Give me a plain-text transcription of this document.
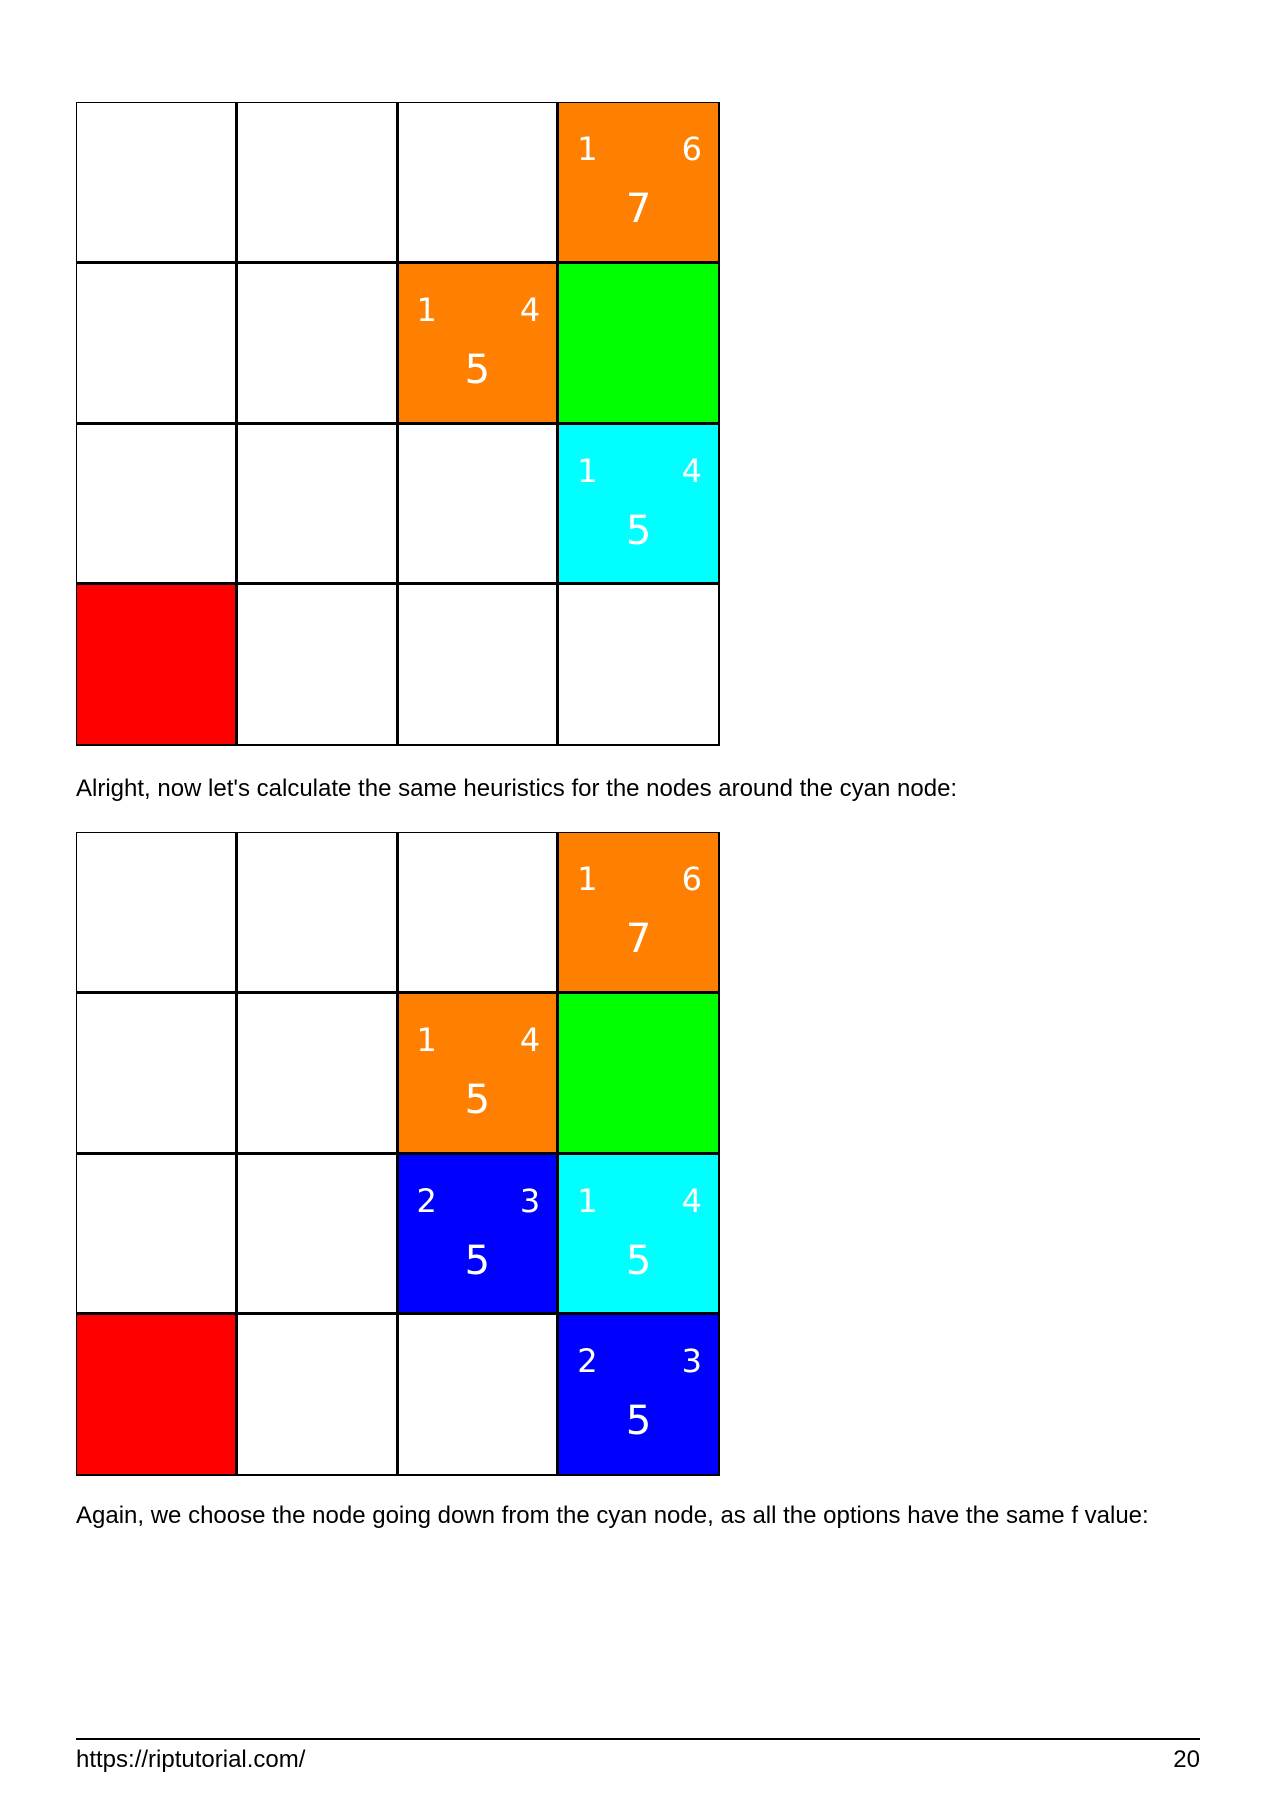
1	6
7
1	4
5
1	4
5

Alright, now let's calculate the same heuristics for the nodes around the cyan node:

1	6
7
1	4
5
2	3
5
1	4
5
2	3
5

Again, we choose the node going down from the cyan node, as all the options have the same f value:

https://riptutorial.com/	20
